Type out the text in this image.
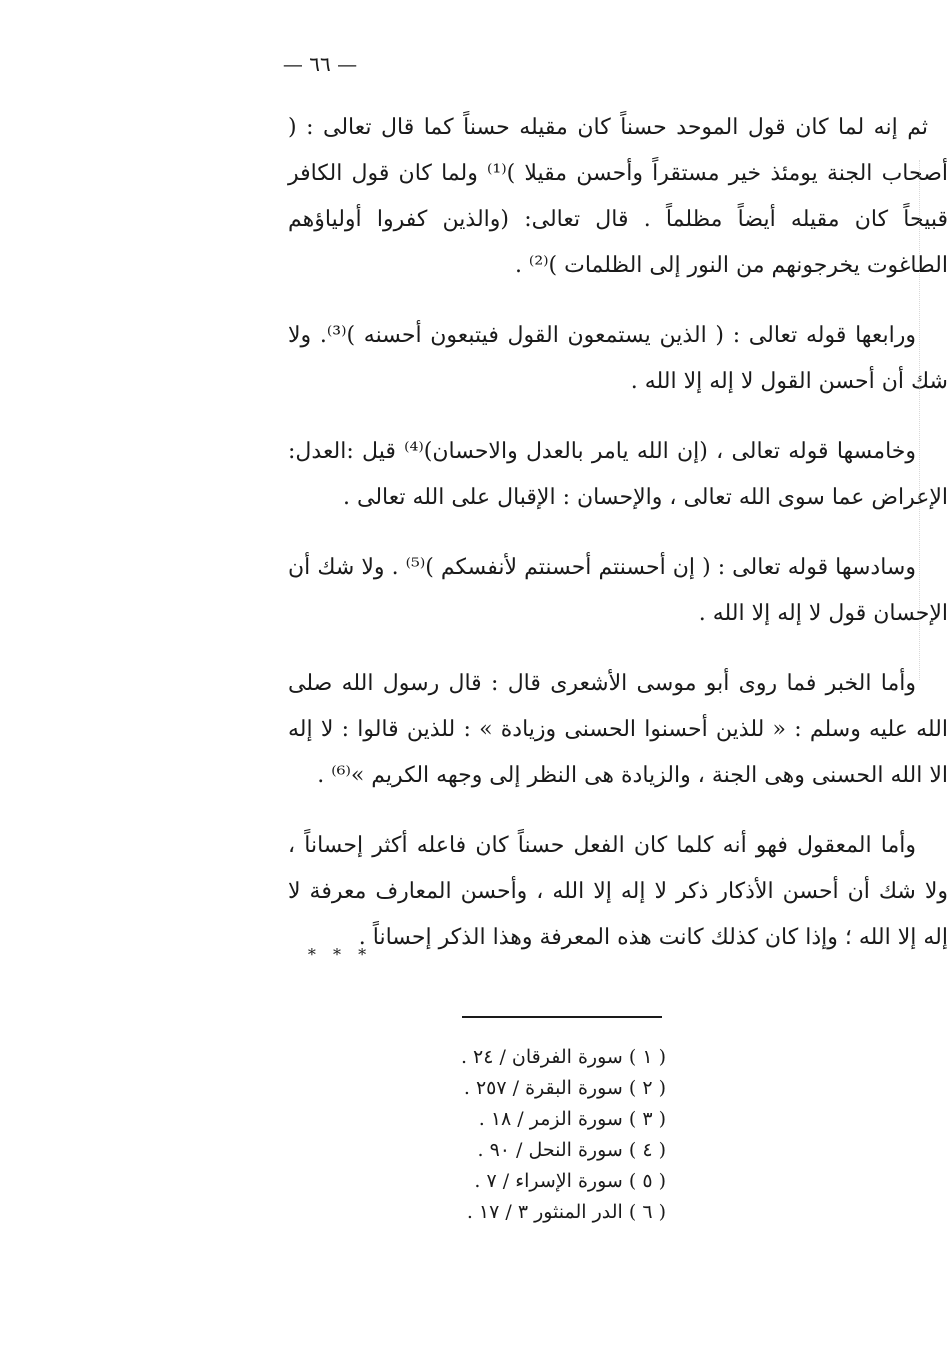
— ٦٦ —

ثم إنه لما كان قول الموحد حسناً كان مقيله حسناً كما قال تعالى : ( أصحاب الجنة يومئذ خير مستقراً وأحسن مقيلا )⁽¹⁾ ولما كان قول الكافر قبيحاً كان مقيله أيضاً مظلماً . قال تعالى: (والذين كفروا أولياؤهم الطاغوت يخرجونهم من النور إلى الظلمات )⁽²⁾ .

ورابعها قوله تعالى : ( الذين يستمعون القول فيتبعون أحسنه )⁽³⁾. ولا شك أن أحسن القول لا إله إلا الله .

وخامسها قوله تعالى ، (إن الله يامر بالعدل والاحسان)⁽⁴⁾ قيل :العدل: الإعراض عما سوى الله تعالى ، والإحسان : الإقبال على الله تعالى .

وسادسها قوله تعالى : ( إن أحسنتم أحسنتم لأنفسكم )⁽⁵⁾ . ولا شك أن الإحسان قول لا إله إلا الله .

وأما الخبر فما روى أبو موسى الأشعرى قال : قال رسول الله صلى الله عليه وسلم : « للذين أحسنوا الحسنى وزيادة » : للذين قالوا : لا إله الا الله الحسنى وهى الجنة ، والزيادة هى النظر إلى وجهه الكريم »⁽⁶⁾ .

وأما المعقول فهو أنه كلما كان الفعل حسناً كان فاعله أكثر إحساناً ، ولا شك أن أحسن الأذكار ذكر لا إله إلا الله ، وأحسن المعارف معرفة لا إله إلا الله ؛ وإذا كان كذلك كانت هذه المعرفة وهذا الذكر إحساناً .

* * *
( ١ ) سورة الفرقان / ٢٤ .
( ٢ ) سورة البقرة / ٢٥٧ .
( ٣ ) سورة الزمر / ١٨ .
( ٤ ) سورة النحل / ٩٠ .
( ٥ ) سورة الإسراء / ٧ .
( ٦ ) الدر المنثور ٣ / ١٧ .
